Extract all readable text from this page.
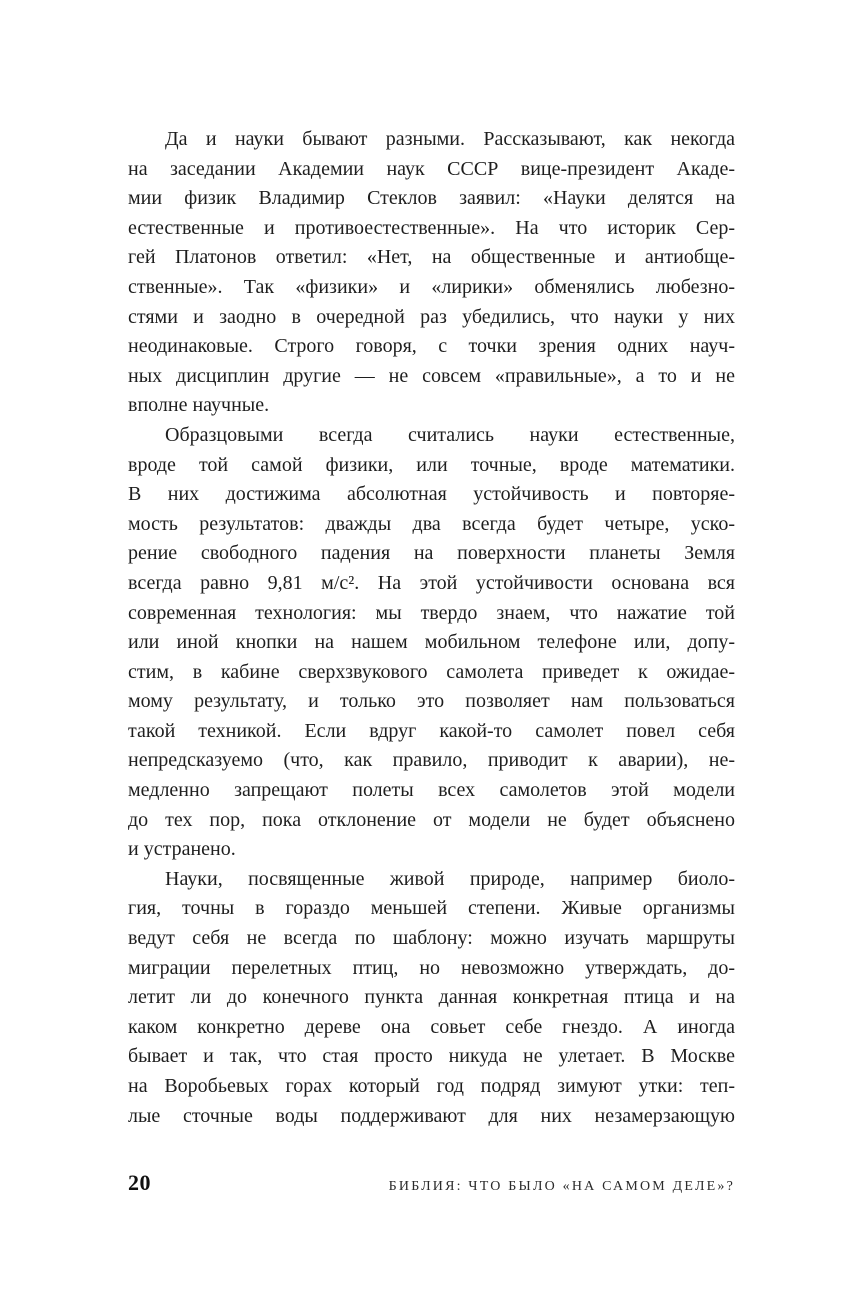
Да и науки бывают разными. Рассказывают, как некогда
на заседании Академии наук СССР вице-президент Акаде-
мии физик Владимир Стеклов заявил: «Науки делятся на
естественные и противоестественные». На что историк Сер-
гей Платонов ответил: «Нет, на общественные и антиобще-
ственные». Так «физики» и «лирики» обменялись любезно-
стями и заодно в очередной раз убедились, что науки у них
неодинаковые. Строго говоря, с точки зрения одних науч-
ных дисциплин другие — не совсем «правильные», а то и не
вполне научные.
Образцовыми всегда считались науки естественные,
вроде той самой физики, или точные, вроде математики.
В них достижима абсолютная устойчивость и повторяе-
мость результатов: дважды два всегда будет четыре, уско-
рение свободного падения на поверхности планеты Земля
всегда равно 9,81 м/с². На этой устойчивости основана вся
современная технология: мы твердо знаем, что нажатие той
или иной кнопки на нашем мобильном телефоне или, допу-
стим, в кабине сверхзвукового самолета приведет к ожидае-
мому результату, и только это позволяет нам пользоваться
такой техникой. Если вдруг какой-то самолет повел себя
непредсказуемо (что, как правило, приводит к аварии), не-
медленно запрещают полеты всех самолетов этой модели
до тех пор, пока отклонение от модели не будет объяснено
и устранено.
Науки, посвященные живой природе, например биоло-
гия, точны в гораздо меньшей степени. Живые организмы
ведут себя не всегда по шаблону: можно изучать маршруты
миграции перелетных птиц, но невозможно утверждать, до-
летит ли до конечного пункта данная конкретная птица и на
каком конкретно дереве она совьет себе гнездо. А иногда
бывает и так, что стая просто никуда не улетает. В Москве
на Воробьевых горах который год подряд зимуют утки: теп-
лые сточные воды поддерживают для них незамерзающую
20	БИБЛИЯ: ЧТО БЫЛО «НА САМОМ ДЕЛЕ»?
